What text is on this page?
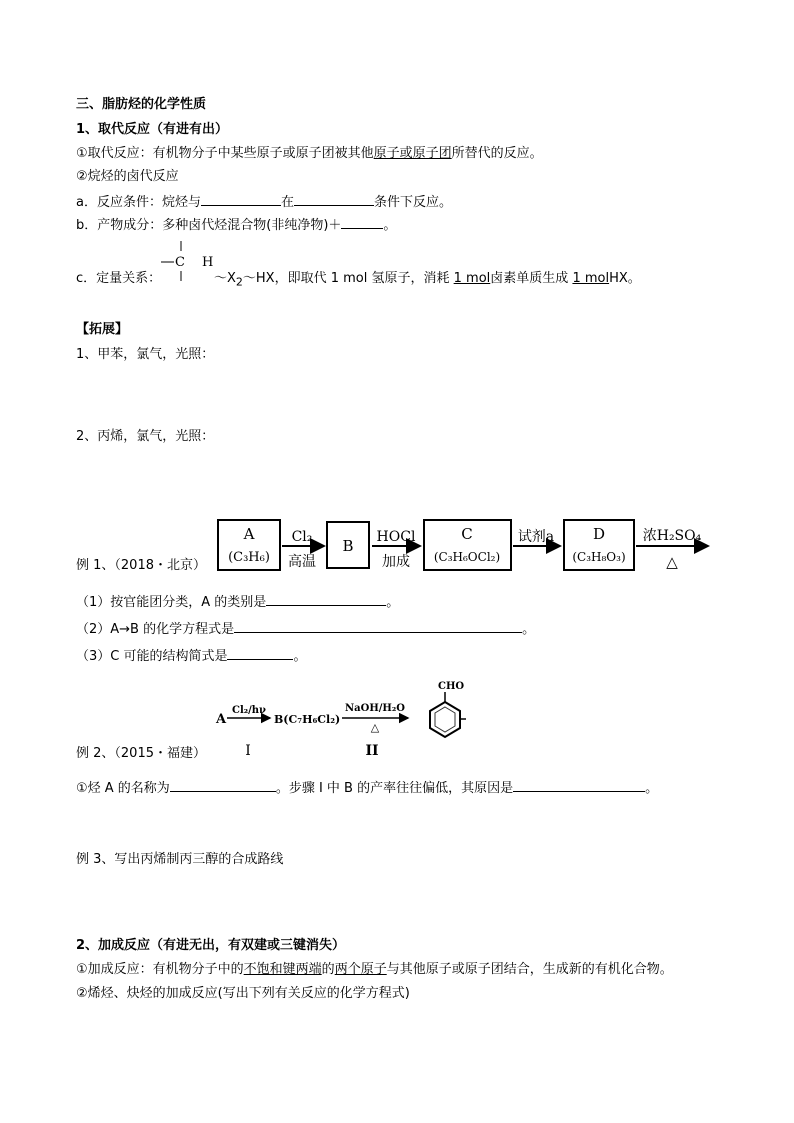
三、脂肪烃的化学性质
1、取代反应（有进有出）
①取代反应：有机物分子中某些原子或原子团被其他原子或原子团所替代的反应。
②烷烃的卤代反应
a．反应条件：烷烃与	在	条件下反应。
b．产物成分：多种卤代烃混合物(非纯净物)＋	。
c．定量关系：
C H
$\sim X_2\sim HX$，即取代 1 mol 氢原子，消耗 1 mol卤素单质生成 1 molHX。
【拓展】
1、甲苯，氯气，光照：
2、丙烯，氯气，光照：
A
(C₃H₆)
Cl₂
高温
B HOCl
加成
C
(C₃H₆OCl₂)
试剂a	D
(C₃H₈O₃)
浓H₂SO₄
△
例 1、（2018・北京）
（1）按官能团分类，A 的类别是	。
（2）A→B 的化学方程式是	。
（3）C 可能的结构简式是	。
A
Cl₂/hν
B(C₇H₆Cl₂)
NaOH/H₂O
△
CHO
I	II
例 2、（2015・福建）
①烃 A 的名称为	。步骤 I 中 B 的产率往往偏低，其原因是	。
例 3、写出丙烯制丙三醇的合成路线
2、加成反应（有进无出，有双建或三键消失）
①加成反应：有机物分子中的不饱和键两端的两个原子与其他原子或原子团结合，生成新的有机化合物。
②烯烃、炔烃的加成反应(写出下列有关反应的化学方程式)
